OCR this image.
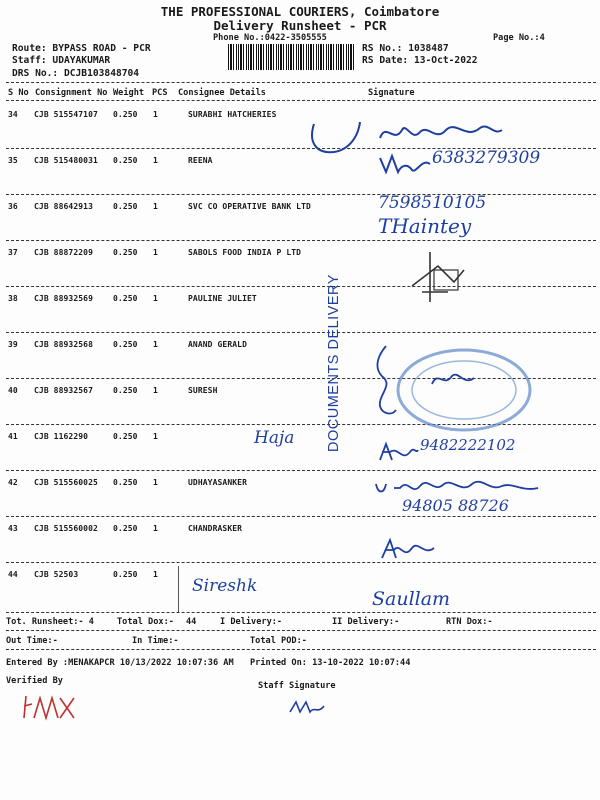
THE PROFESSIONAL COURIERS, Coimbatore
Delivery Runsheet - PCR
Phone No.:0422-3505555	Page No.:4
Route: BYPASS ROAD - PCR
Staff: UDAYAKUMAR
DRS No.: DCJB103848704
RS No.: 1038487
RS Date: 13-Oct-2022
S No Consignment No Weight PCS Consignee Details	Signature
34 CJB 515547107 0.250 1	SURABHI HATCHERIES
35 CJB 515480031 0.250 1	REENA
36 CJB 88642913	0.250 1	SVC CO OPERATIVE BANK LTD
37 CJB 88872209	0.250 1	SABOLS FOOD INDIA P LTD
38 CJB 88932569	0.250 1	PAULINE JULIET
39 CJB 88932568	0.250 1	ANAND GERALD
40 CJB 88932567	0.250 1	SURESH
41 CJB 1162290	0.250 1
42 CJB 515560025 0.250 1	UDHAYASANKER
43 CJB 515560002 0.250 1	CHANDRASKER
44 CJB 52503	0.250 1
Tot. Runsheet:- 4	Total Dox:- 44	I Delivery:-	II Delivery:-	RTN Dox:-
Out Time:-	In Time:-	Total POD:-
Entered By :MENAKAPCR 10/13/2022 10:07:36 AM Printed On: 13-10-2022 10:07:44
Verified By	Staff Signature
DOCUMENTS DELIVERY
6383279309
7598510105
THaintey
Haja	9482222102
94805 88726
Sireshk
Saullam
